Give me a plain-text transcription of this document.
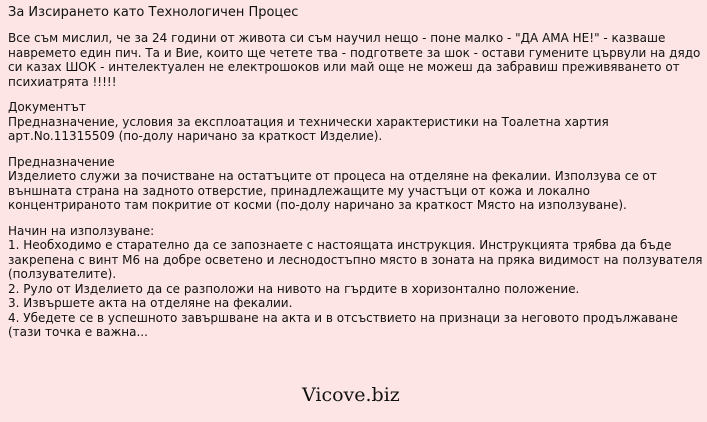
За Изсирането като Технологичен Процес

Все съм мислил, че за 24 години от живота си съм научил нещо - поне малко - "ДА АМА НЕ!" - казваше навремето един пич. Та и Вие, които ще четете тва - подгответе за шок - остави гумените цървули на дядо си казах ШОК - интелектуален не електрошоков или май още не можеш да забравиш преживяването от психиатрята !!!!!

Документът

Предназначение, условия за експлоатация и технически характеристики на Тоалетна хартия арт.No.11315509 (по-долу наричано за краткост Изделие).

Предназначение

Изделието служи за почистване на остатъците от процеса на отделяне на фекалии. Използува се от външната страна на задното отверстие, принадлежащите му участъци от кожа и локално концентрираното там покритие от косми (по-долу наричано за краткост Място на използуване).

Начин на използуване:

1. Необходимо е старателно да се запознаете с настоящата инструкция. Инструкцията трябва да бъде закрепена с винт М6 на добре осветено и леснодостъпно място в зоната на пряка видимост на ползувателя (ползувателите).
2. Руло от Изделието да се разположи на нивото на гърдите в хоризонтално положение.
3. Извършете акта на отделяне на фекалии.
4. Убедете се в успешното завършване на акта и в отсъствието на признаци за неговото продължаване (тази точка е важна...
Vicove.biz
